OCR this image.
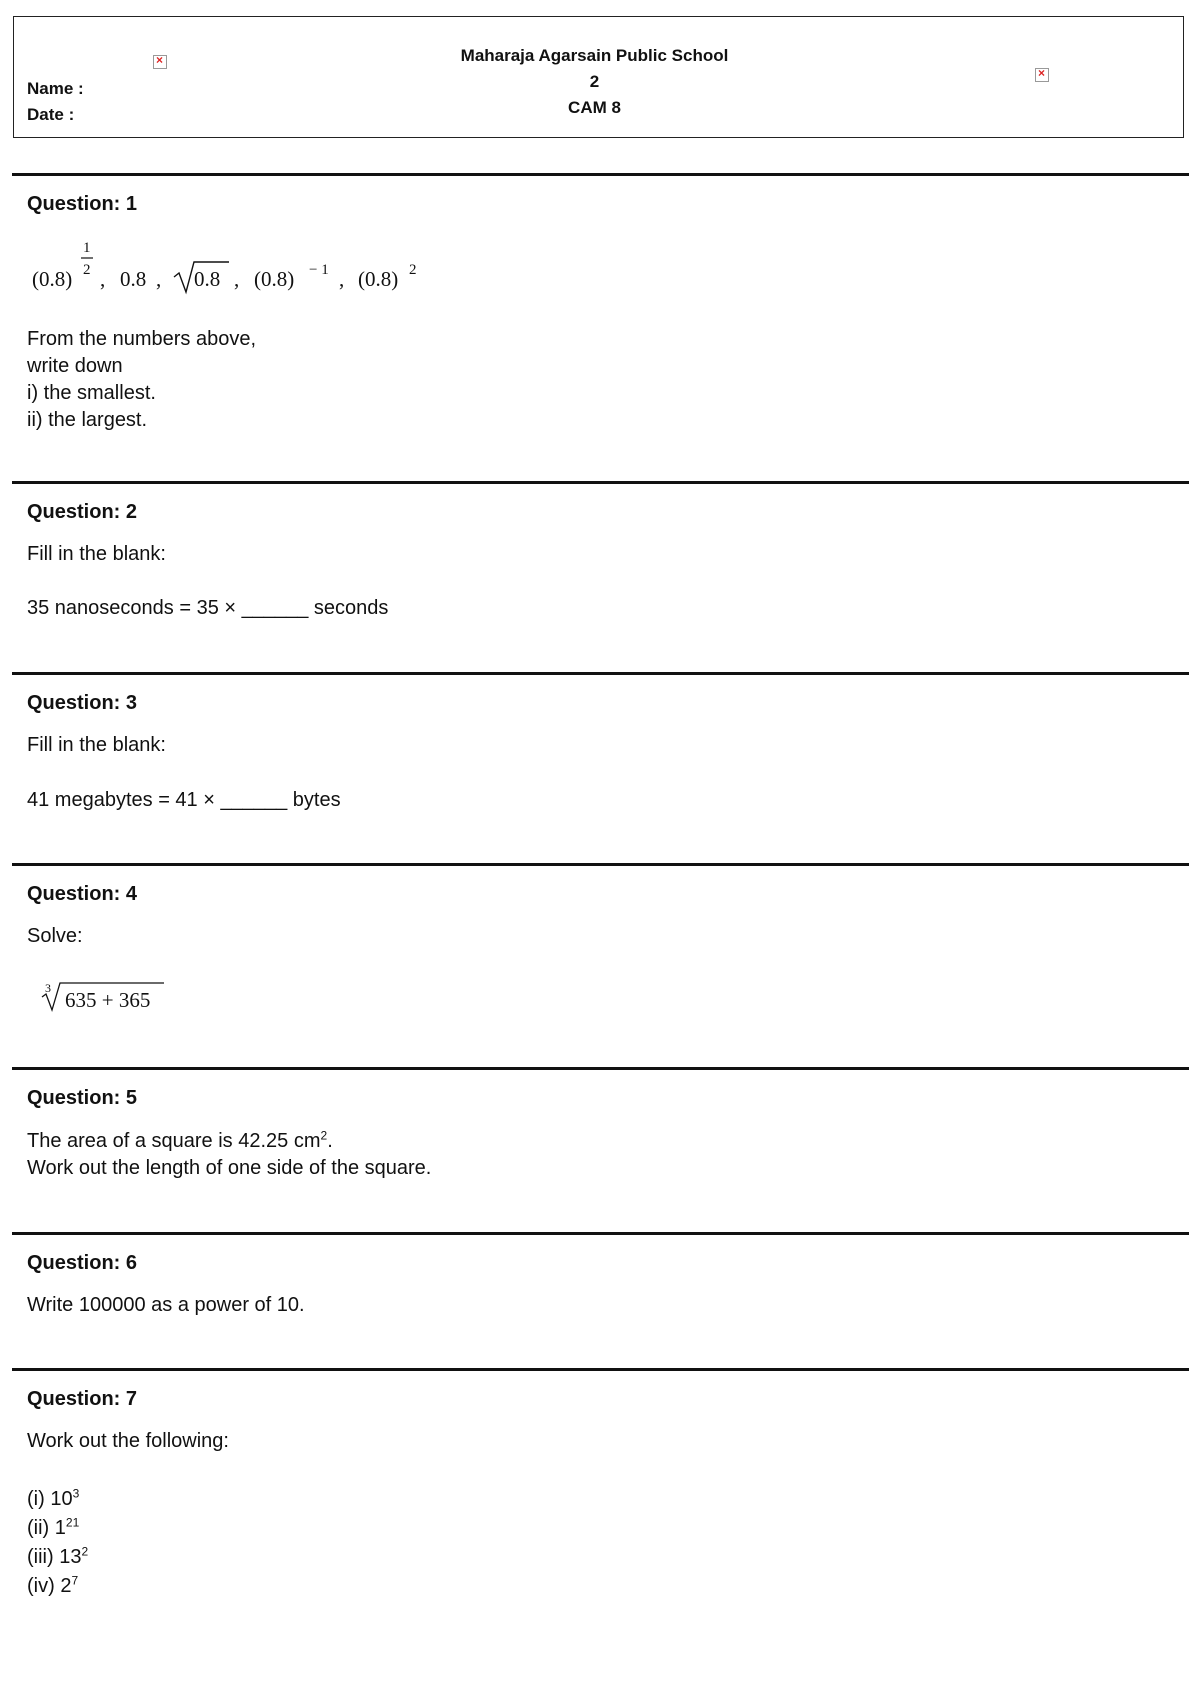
×
×
Maharaja Agarsain Public School
2
CAM 8
Name :
Date :
Question: 1
(0.8)
1
2 , 0.8 , 0.8 , (0.8) − 1 , (0.8) 2
From the numbers above,
write down
i) the smallest.
ii) the largest.
Question: 2
Fill in the blank:
35 nanoseconds = 35 × ______ seconds
Question: 3
Fill in the blank:
41 megabytes = 41 × ______ bytes
Question: 4
Solve:
3 635 + 365
Question: 5
The area of a square is 42.25 $cm^2$.
Work out the length of one side of the square.
Question: 6
Write 100000 as a power of 10.
Question: 7
Work out the following:
(i) $10^3$
(ii) $1^{21}$
(iii) $13^2$
(iv) $2^7$
